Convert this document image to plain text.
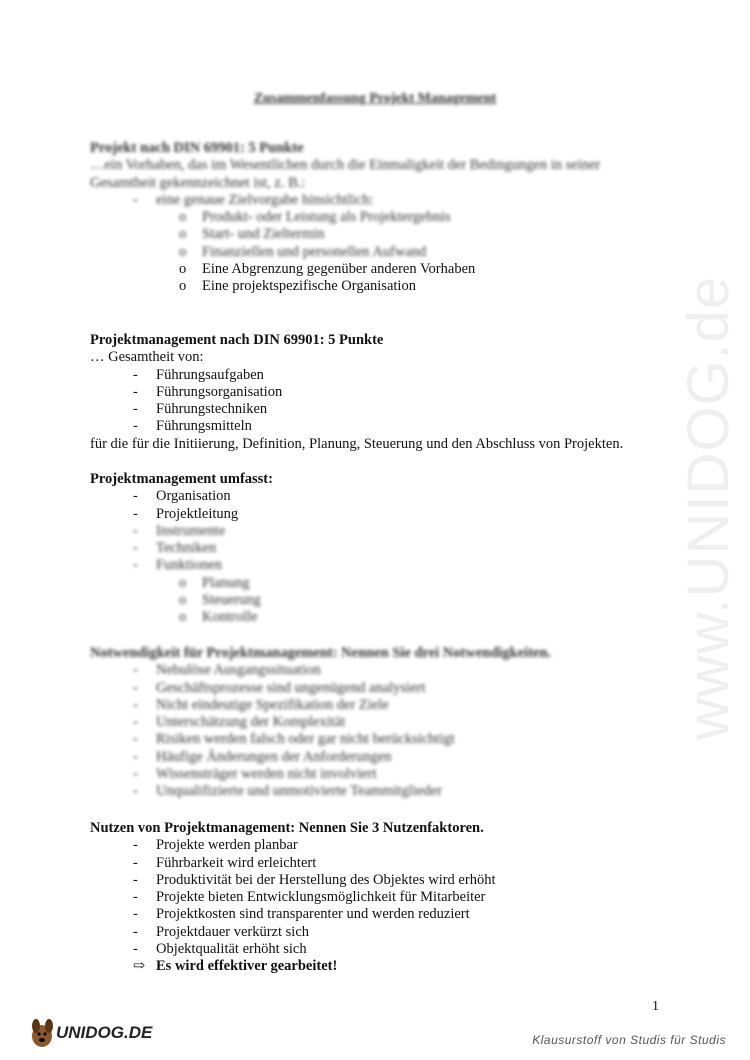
www.UNIDOG.de
Zusammenfassung Projekt Management
Projekt nach DIN 69901: 5 Punkte
…ein Vorhaben, das im Wesentlichen durch die Einmaligkeit der Bedingungen in seiner
Gesamtheit gekennzeichnet ist, z. B.:
- eine genaue Zielvorgabe hinsichtlich:
o Produkt- oder Leistung als Projektergebnis
o Start- und Zieltermin
o Finanziellen und personellen Aufwand
o Eine Abgrenzung gegenüber anderen Vorhaben
o Eine projektspezifische Organisation
Projektmanagement nach DIN 69901: 5 Punkte
… Gesamtheit von:
- Führungsaufgaben
- Führungsorganisation
- Führungstechniken
- Führungsmitteln
für die für die Initiierung, Definition, Planung, Steuerung und den Abschluss von Projekten.
Projektmanagement umfasst:
- Organisation
- Projektleitung
- Instrumente
- Techniken
- Funktionen
o Planung
o Steuerung
o Kontrolle
Notwendigkeit für Projektmanagement: Nennen Sie drei Notwendigkeiten.
- Nebulöse Ausgangssituation
- Geschäftsprozesse sind ungenügend analysiert
- Nicht eindeutige Spezifikation der Ziele
- Unterschätzung der Komplexität
- Risiken werden falsch oder gar nicht berücksichtigt
- Häufige Änderungen der Anforderungen
- Wissensträger werden nicht involviert
- Unqualifizierte und unmotivierte Teammitglieder
Nutzen von Projektmanagement: Nennen Sie 3 Nutzenfaktoren.
- Projekte werden planbar
- Führbarkeit wird erleichtert
- Produktivität bei der Herstellung des Objektes wird erhöht
- Projekte bieten Entwicklungsmöglichkeit für Mitarbeiter
- Projektkosten sind transparenter und werden reduziert
- Projektdauer verkürzt sich
- Objektqualität erhöht sich
⇨ Es wird effektiver gearbeitet!
1
UNIDOG.DE	Klausurstoff von Studis für Studis
